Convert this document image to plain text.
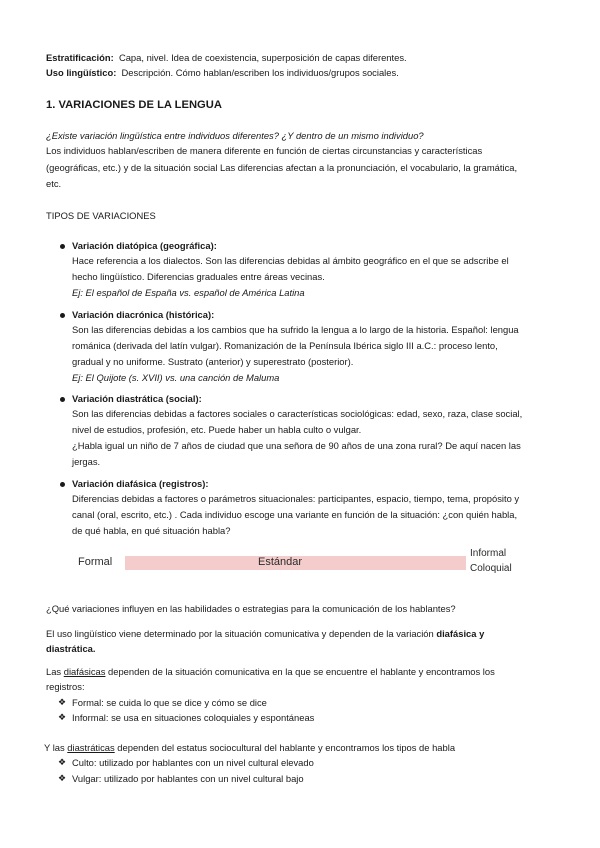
Estratificación: Capa, nivel. Idea de coexistencia, superposición de capas diferentes.
Uso lingüístico: Descripción. Cómo hablan/escriben los individuos/grupos sociales.
1. VARIACIONES DE LA LENGUA
¿Existe variación lingüística entre individuos diferentes? ¿Y dentro de un mismo individuo?
Los individuos hablan/escriben de manera diferente en función de ciertas circunstancias y características
(geográficas, etc.) y de la situación social Las diferencias afectan a la pronunciación, el vocabulario, la gramática,
etc.
TIPOS DE VARIACIONES
Variación diatópica (geográfica):
Hace referencia a los dialectos. Son las diferencias debidas al ámbito geográfico en el que se adscribe el
hecho lingüístico. Diferencias graduales entre áreas vecinas.
Ej: El español de España vs. español de América Latina
Variación diacrónica (histórica):
Son las diferencias debidas a los cambios que ha sufrido la lengua a lo largo de la historia. Español: lengua
románica (derivada del latín vulgar). Romanización de la Península Ibérica siglo III a.C.: proceso lento,
gradual y no uniforme. Sustrato (anterior) y superestrato (posterior).
Ej: El Quijote (s. XVII) vs. una canción de Maluma
Variación diastrática (social):
Son las diferencias debidas a factores sociales o características sociológicas: edad, sexo, raza, clase social,
nivel de estudios, profesión, etc. Puede haber un habla culto o vulgar.
¿Habla igual un niño de 7 años de ciudad que una señora de 90 años de una zona rural? De aquí nacen las
jergas.
Variación diafásica (registros):
Diferencias debidas a factores o parámetros situacionales: participantes, espacio, tiempo, tema, propósito y
canal (oral, escrito, etc.) . Cada individuo escoge una variante en función de la situación: ¿con quién habla,
de qué habla, en qué situación habla?
Formal	Estándar
Informal
Coloquial
¿Qué variaciones influyen en las habilidades o estrategias para la comunicación de los hablantes?
El uso lingüístico viene determinado por la situación comunicativa y dependen de la variación diafásica y
diastrática.
Las diafásicas dependen de la situación comunicativa en la que se encuentre el hablante y encontramos los
registros:
❖ Formal: se cuida lo que se dice y cómo se dice
❖ Informal: se usa en situaciones coloquiales y espontáneas
Y las diastráticas dependen del estatus sociocultural del hablante y encontramos los tipos de habla
❖ Culto: utilizado por hablantes con un nivel cultural elevado
❖ Vulgar: utilizado por hablantes con un nivel cultural bajo
